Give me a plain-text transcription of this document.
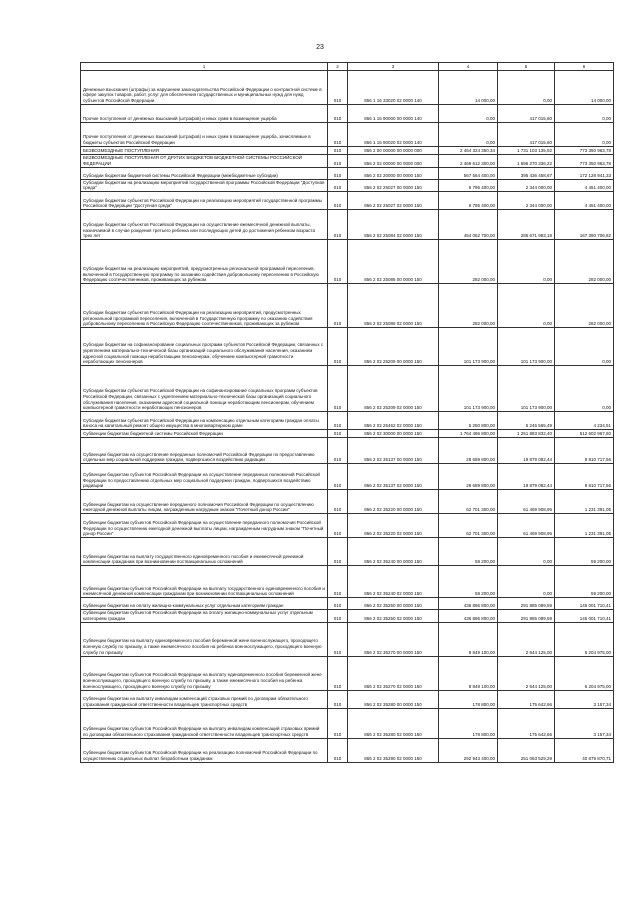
23
1	2	3	4	5	6
Денежные взыскания (штрафы) за нарушение законодательства Российской Федерации о контрактной системе в сфере закупок товаров, работ, услуг для обеспечения государственных и муниципальных нужд для нужд субъектов Российской Федерации	010	856 1 16 33020 02 0000 140	14 000,00	0,00	14 000,00
Прочие поступления от денежных взысканий (штрафов) и иных сумм в возмещение ущерба	010	856 1 16 90000 00 0000 140	0,00	417 015,60	0,00
Прочие поступления от денежных взысканий (штрафов) и иных сумм в возмещение ущерба, зачисляемые в бюджеты субъектов Российской Федерации	010	856 1 16 90020 02 0000 140	0,00	417 015,60	0,00
БЕЗВОЗМЕЗДНЫЕ ПОСТУПЛЕНИЯ	010	856 2 00 00000 00 0000 000	2 464 324 350,34	1 731 103 135,92	773 350 963,78
БЕЗВОЗМЕЗДНЫЕ ПОСТУПЛЕНИЯ ОТ ДРУГИХ БЮДЖЕТОВ БЮДЖЕТНОЙ СИСТЕМЫ РОССИЙСКОЙ ФЕДЕРАЦИИ	010	856 2 02 00000 00 0000 000	2 469 612 300,00	1 696 270 336,22	773 350 963,78
Субсидии бюджетам бюджетной системы Российской Федерации (межбюджетные субсидии)	010	856 2 02 20000 00 0000 150	567 564 400,00	395 436 458,67	172 128 941,33
Субсидии бюджетам на реализацию мероприятий государственной программы Российской Федерации "Доступная среда"	010	856 2 02 25027 00 0000 150	6 795 400,00	2 344 000,00	4 451 400,00
Субсидии бюджетам субъектов Российской Федерации на реализацию мероприятий государственной программы Российской Федерации "Доступная среда"	010	856 2 02 25027 02 0000 150	6 795 400,00	2 344 000,00	4 451 400,00
Субсидии бюджетам субъектов Российской Федерации на осуществление ежемесячной денежной выплаты, назначаемой в случае рождения третьего ребенка или последующих детей до достижения ребенком возраста трех лет	010	856 2 02 25084 02 0000 150	454 062 700,00	286 671 993,18	167 390 706,82
Субсидии бюджетам на реализацию мероприятий, предусмотренных региональной программой переселения, включенной в Государственную программу по оказанию содействия добровольному переселению в Российскую Федерацию соотечественников, проживающих за рубежом	010	856 2 02 25086 00 0000 150	282 000,00	0,00	282 000,00
Субсидии бюджетам субъектов Российской Федерации на реализацию мероприятий, предусмотренных региональной программой переселения, включенной в Государственную программу по оказанию содействия добровольному переселению в Российскую Федерацию соотечественников, проживающих за рубежом	010	856 2 02 25086 02 0000 150	282 000,00	0,00	282 000,00
Субсидии бюджетам на софинансирование социальных программ субъектов Российской Федерации, связанных с укреплением материально-технической базы организаций социального обслуживания населения, оказанием адресной социальной помощи неработающим пенсионерам, обучением компьютерной грамотности неработающих пенсионеров	010	856 2 02 25209 00 0000 150	101 173 900,00	101 173 900,00	0,00
Субсидии бюджетам субъектов Российской Федерации на софинансирование социальных программ субъектов Российской Федерации, связанных с укреплением материально-технической базы организаций социального обслуживания населения, оказанием адресной социальной помощи неработающим пенсионерам, обучением компьютерной грамотности неработающих пенсионеров	010	856 2 02 25209 02 0000 150	101 173 900,00	101 173 900,00	0,00
Субсидии бюджетам субъектов Российской Федерации на компенсацию отдельным категориям граждан оплаты взноса на капитальный ремонт общего имущества в многоквартирном доме	010	856 2 02 25462 02 0000 150	5 250 800,00	5 246 565,49	4 234,51
Субвенции бюджетам бюджетной системы Российской Федерации	010	856 2 02 30000 00 0000 150	1 764 486 800,00	1 251 883 832,40	512 602 967,60
Субвенции бюджетам на осуществление переданных полномочий Российской Федерации по предоставлению отдельных мер социальной поддержки граждан, подвергшихся воздействию радиации	010	856 2 02 35137 00 0000 150	28 689 800,00	19 879 082,44	8 810 717,56
Субвенции бюджетам субъектов Российской Федерации на осуществление переданных полномочий Российской Федерации по предоставлению отдельных мер социальной поддержки граждан, подвергшихся воздействию радиации	010	856 2 02 35137 02 0000 150	28 689 800,00	19 879 082,44	8 810 717,56
Субвенции бюджетам на осуществление переданного полномочия Российской Федерации по осуществлению ежегодной денежной выплаты лицам, награжденным нагрудным знаком "Почетный донор России"	010	856 2 02 35220 00 0000 150	62 701 300,00	61 469 908,95	1 231 391,05
Субвенции бюджетам субъектов Российской Федерации на осуществление переданного полномочия Российской Федерации по осуществлению ежегодной денежной выплаты лицам, награжденным нагрудным знаком "Почетный донор России"	010	856 2 02 35220 02 0000 150	62 701 300,00	61 469 908,95	1 231 391,05
Субвенции бюджетам на выплату государственного единовременного пособия и ежемесячной денежной компенсации гражданам при возникновении поствакцинальных осложнений	010	856 2 02 35240 00 0000 150	59 200,00	0,00	59 200,00
Субвенции бюджетам субъектов Российской Федерации на выплату государственного единовременного пособия и ежемесячной денежной компенсации гражданам при возникновении поствакцинальных осложнений	010	856 2 02 35240 02 0000 150	59 200,00	0,00	59 200,00
Субвенции бюджетам на оплату жилищно-коммунальных услуг отдельным категориям граждан	010	856 2 02 35250 00 0000 150	436 886 800,00	291 885 089,59	145 001 710,41
Субвенции бюджетам субъектов Российской Федерации на оплату жилищно-коммунальных услуг отдельным категориям граждан	010	856 2 02 35250 02 0000 150	436 886 800,00	291 885 089,59	145 001 710,41
Субвенции бюджетам на выплату единовременного пособия беременной жене военнослужащего, проходящего военную службу по призыву, а также ежемесячного пособия на ребенка военнослужащего, проходящего военную службу по призыву	010	856 2 02 35270 00 0000 150	8 849 100,00	2 644 125,00	6 204 975,00
Субвенции бюджетам субъектов Российской Федерации на выплату единовременного пособия беременной жене военнослужащего, проходящего военную службу по призыву, а также ежемесячного пособия на ребенка военнослужащего, проходящего военную службу по призыву	010	856 2 02 35270 02 0000 150	8 849 100,00	2 644 125,00	6 204 975,00
Субвенции бюджетам на выплату инвалидам компенсаций страховых премий по договорам обязательного страхования гражданской ответственности владельцев транспортных средств	010	856 2 02 35280 00 0000 150	178 800,00	175 642,66	3 157,34
Субвенции бюджетам субъектов Российской Федерации на выплату инвалидам компенсаций страховых премий по договорам обязательного страхования гражданской ответственности владельцев транспортных средств	010	856 2 02 35280 02 0000 150	178 800,00	175 642,66	3 157,34
Субвенции бюджетам субъектов Российской Федерации на реализацию полномочий Российской Федерации по осуществлению социальных выплат безработным гражданам	010	856 2 02 35290 02 0000 150	292 943 400,00	251 063 529,29	40 879 870,71
